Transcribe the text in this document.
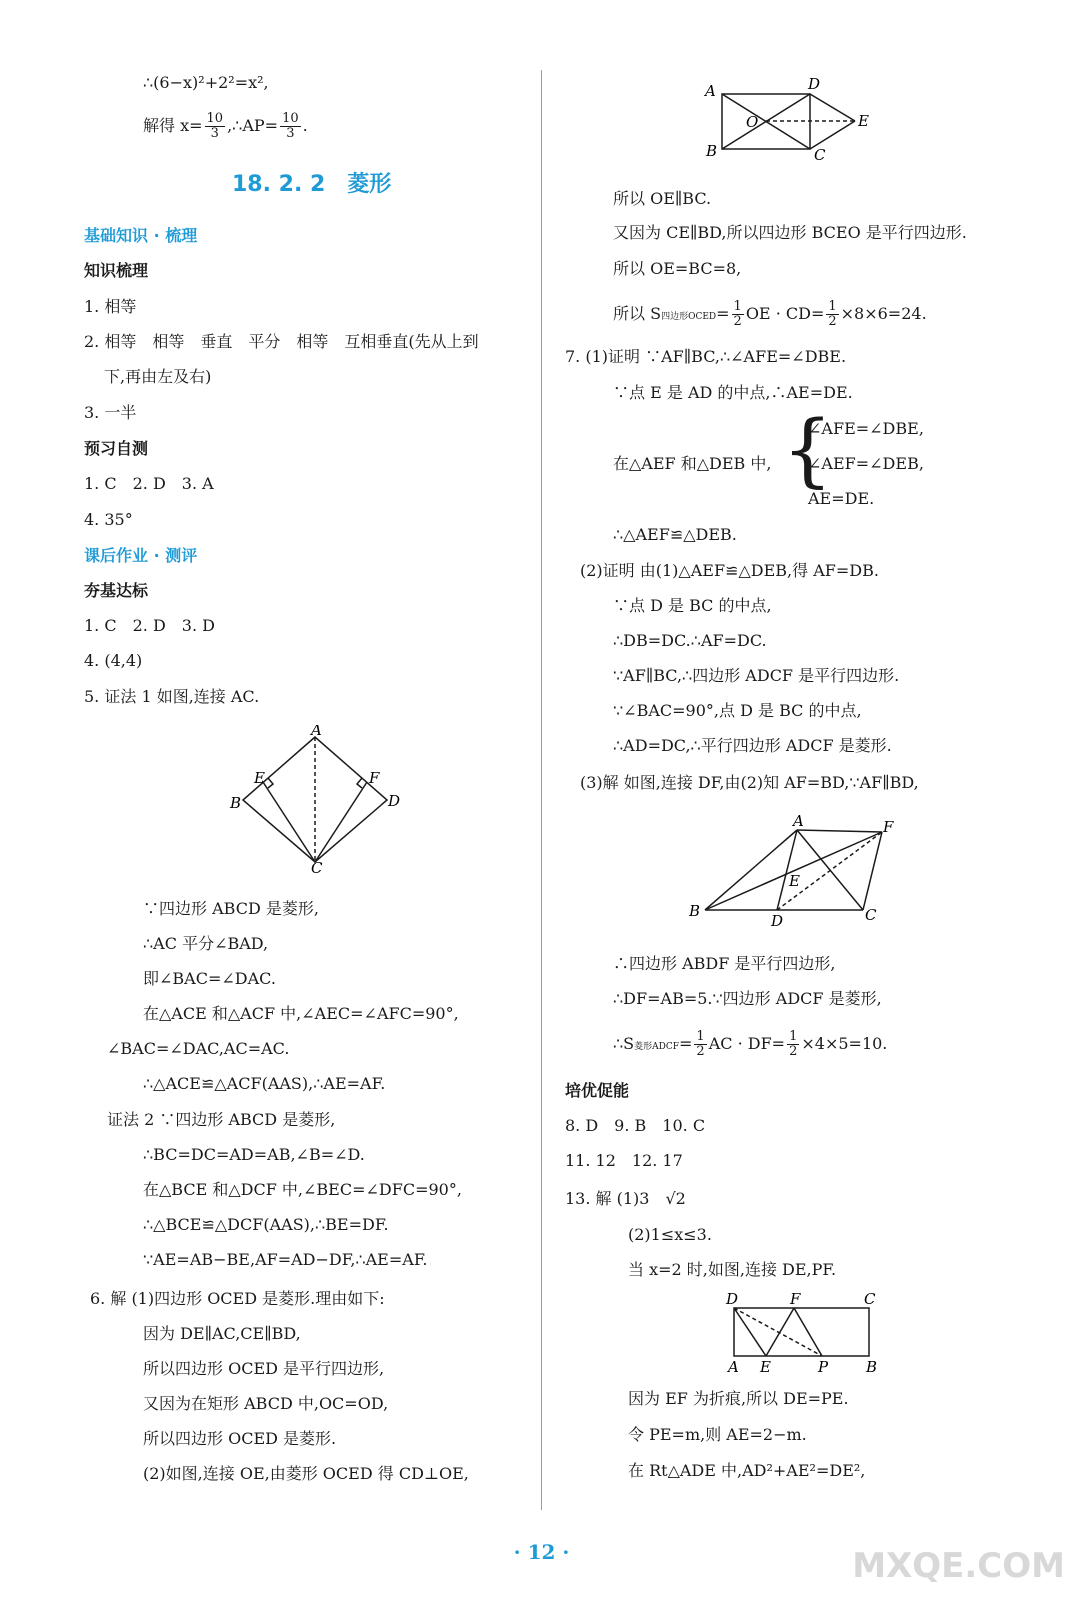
∴(6−x)²+2²=x²,
解得 $x= \frac{10}{3}$ ,∴AP= $\frac{10}{3}$ .
18. 2. 2　菱形
基础知识 · 梳理
知识梳理
1. 相等
2. 相等　相等　垂直　平分　相等　互相垂直(先从上到
下,再由左及右)
3. 一半
预习自测
1. C　2. D　3. A
4. 35°
课后作业 · 测评
夯基达标
1. C　2. D　3. D
4. (4,4)
5. 证法 1 如图,连接 AC.
A
B
C
D
E	F
∵四边形 ABCD 是菱形,
∴AC 平分∠BAD,
即∠BAC=∠DAC.
在△ACE 和△ACF 中,∠AEC=∠AFC=90°,
∠BAC=∠DAC,AC=AC.
∴△ACE≌△ACF(AAS),∴AE=AF.
证法 2 ∵四边形 ABCD 是菱形,
∴BC=DC=AD=AB,∠B=∠D.
在△BCE 和△DCF 中,∠BEC=∠DFC=90°,
∴△BCE≌△DCF(AAS),∴BE=DF.
∵AE=AB−BE,AF=AD−DF,∴AE=AF.
6. 解 (1)四边形 OCED 是菱形.理由如下:
因为 DE∥AC,CE∥BD,
所以四边形 OCED 是平行四边形,
又因为在矩形 ABCD 中,OC=OD,
所以四边形 OCED 是菱形.
(2)如图,连接 OE,由菱形 OCED 得 CD⊥OE,
A	D
O	E
B	C
所以 OE∥BC.
又因为 CE∥BD,所以四边形 BCEO 是平行四边形.
所以 OE=BC=8,
所以 S四边形OCED= $\frac{1}{2}$ OE · $CD= \frac{1}{2} \times 8\times 6=24$.
7. (1)证明 ∵AF∥BC,∴∠AFE=∠DBE.
∵点 E 是 AD 的中点,∴AE=DE.
在△AEF 和△DEB 中, {
∠AFE=∠DBE,
∠AEF=∠DEB,
AE=DE.
∴△AEF≌△DEB.
(2)证明 由(1)△AEF≌△DEB,得 AF=DB.
∵点 D 是 BC 的中点,
∴DB=DC.∴AF=DC.
∵AF∥BC,∴四边形 ADCF 是平行四边形.
∵∠BAC=90°,点 D 是 BC 的中点,
∴AD=DC,∴平行四边形 ADCF 是菱形.
(3)解 如图,连接 DF,由(2)知 AF=BD,∵AF∥BD,
A	F
E
B
D	C
∴四边形 ABDF 是平行四边形,
∴DF=AB=5.∵四边形 ADCF 是菱形,
∴S菱形ADCF= $\frac{1}{2}$ AC · $DF= \frac{1}{2} \times 4\times 5=10$.
培优促能
8. D　9. B　10. C
11. 12　12. 17
13. 解 (1)3　√2
(2)1≤x≤3.
当 x=2 时,如图,连接 DE,PF.
D	F	C
A E	P	B
因为 EF 为折痕,所以 DE=PE.
令 PE=m,则 AE=2−m.
在 Rt△ADE 中,AD²+AE²=DE²,
· 12 ·	MXQE.COM
